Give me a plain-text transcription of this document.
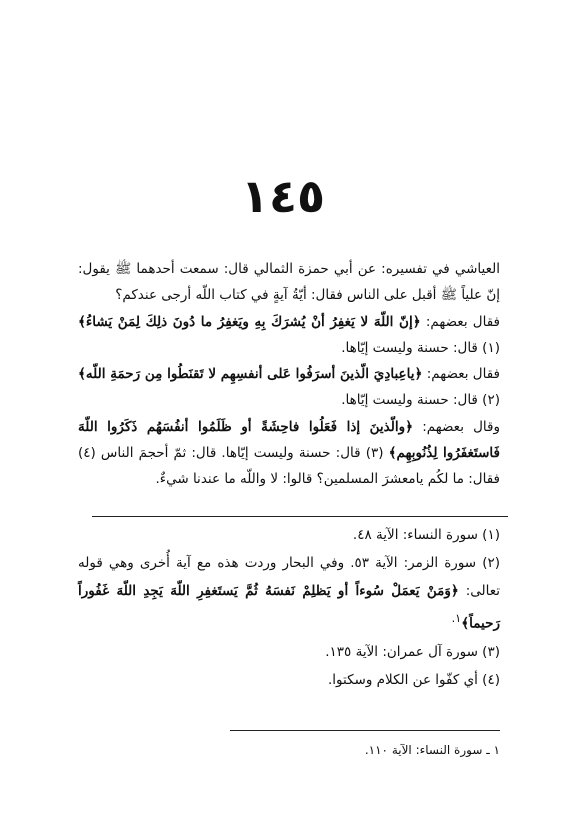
١٤٥

العياشي في تفسيره: عن أبي حمزة الثمالي قال: سمعت أحدهما ﷺ يقول: إنّ علياً ﷺ أقبل على الناس فقال: أيّةُ آيةٍ في كتاب اللّه أرجى عندكم؟

فقال بعضهم: ﴿إنّ اللّهَ لا يَغفِرُ أنْ يُشرَكَ بِهِ ويَغفِرُ ما دُونَ ذلِكَ لِمَنْ يَشاءُ﴾ (١) قال: حسنة وليست إيّاها.

فقال بعضهم: ﴿ياعِبادِيَ الّذينَ أسرَفُوا عَلى أنفسِهِم لا تَقنَطُوا مِن رَحمَةِ اللّه﴾ (٢) قال: حسنة وليست إيّاها.

وقال بعضهم: ﴿والّذينَ إذا فَعَلُوا فاحِشَةً أو ظَلَمُوا أنفُسَهُم ذَكَرُوا اللّهَ فَاستَغفَرُوا لِذُنُوبِهِم﴾ (٣) قال: حسنة وليست إيّاها. قال: ثمّ أحجمَ الناس (٤) فقال: ما لكُم يامعشرَ المسلمين؟ قالوا: لا واللّه ما عندنا شيءٌ.

(١) سورة النساء: الآية ٤٨.

(٢) سورة الزمر: الآية ٥٣. وفي البحار وردت هذه مع آية أُخرى وهي قوله تعالى: ﴿وَمَنْ يَعمَلْ سُوءاً أو يَظلِمْ نَفسَهُ ثُمَّ يَستَغفِرِ اللّهَ يَجِدِ اللّهَ غَفُوراً رَحيماً﴾$^{١.}$

(٣) سورة آل عمران: الآية ١٣٥.

(٤) أي كفّوا عن الكلام وسكتوا.

١ ـ سورة النساء: الآية ١١٠.
